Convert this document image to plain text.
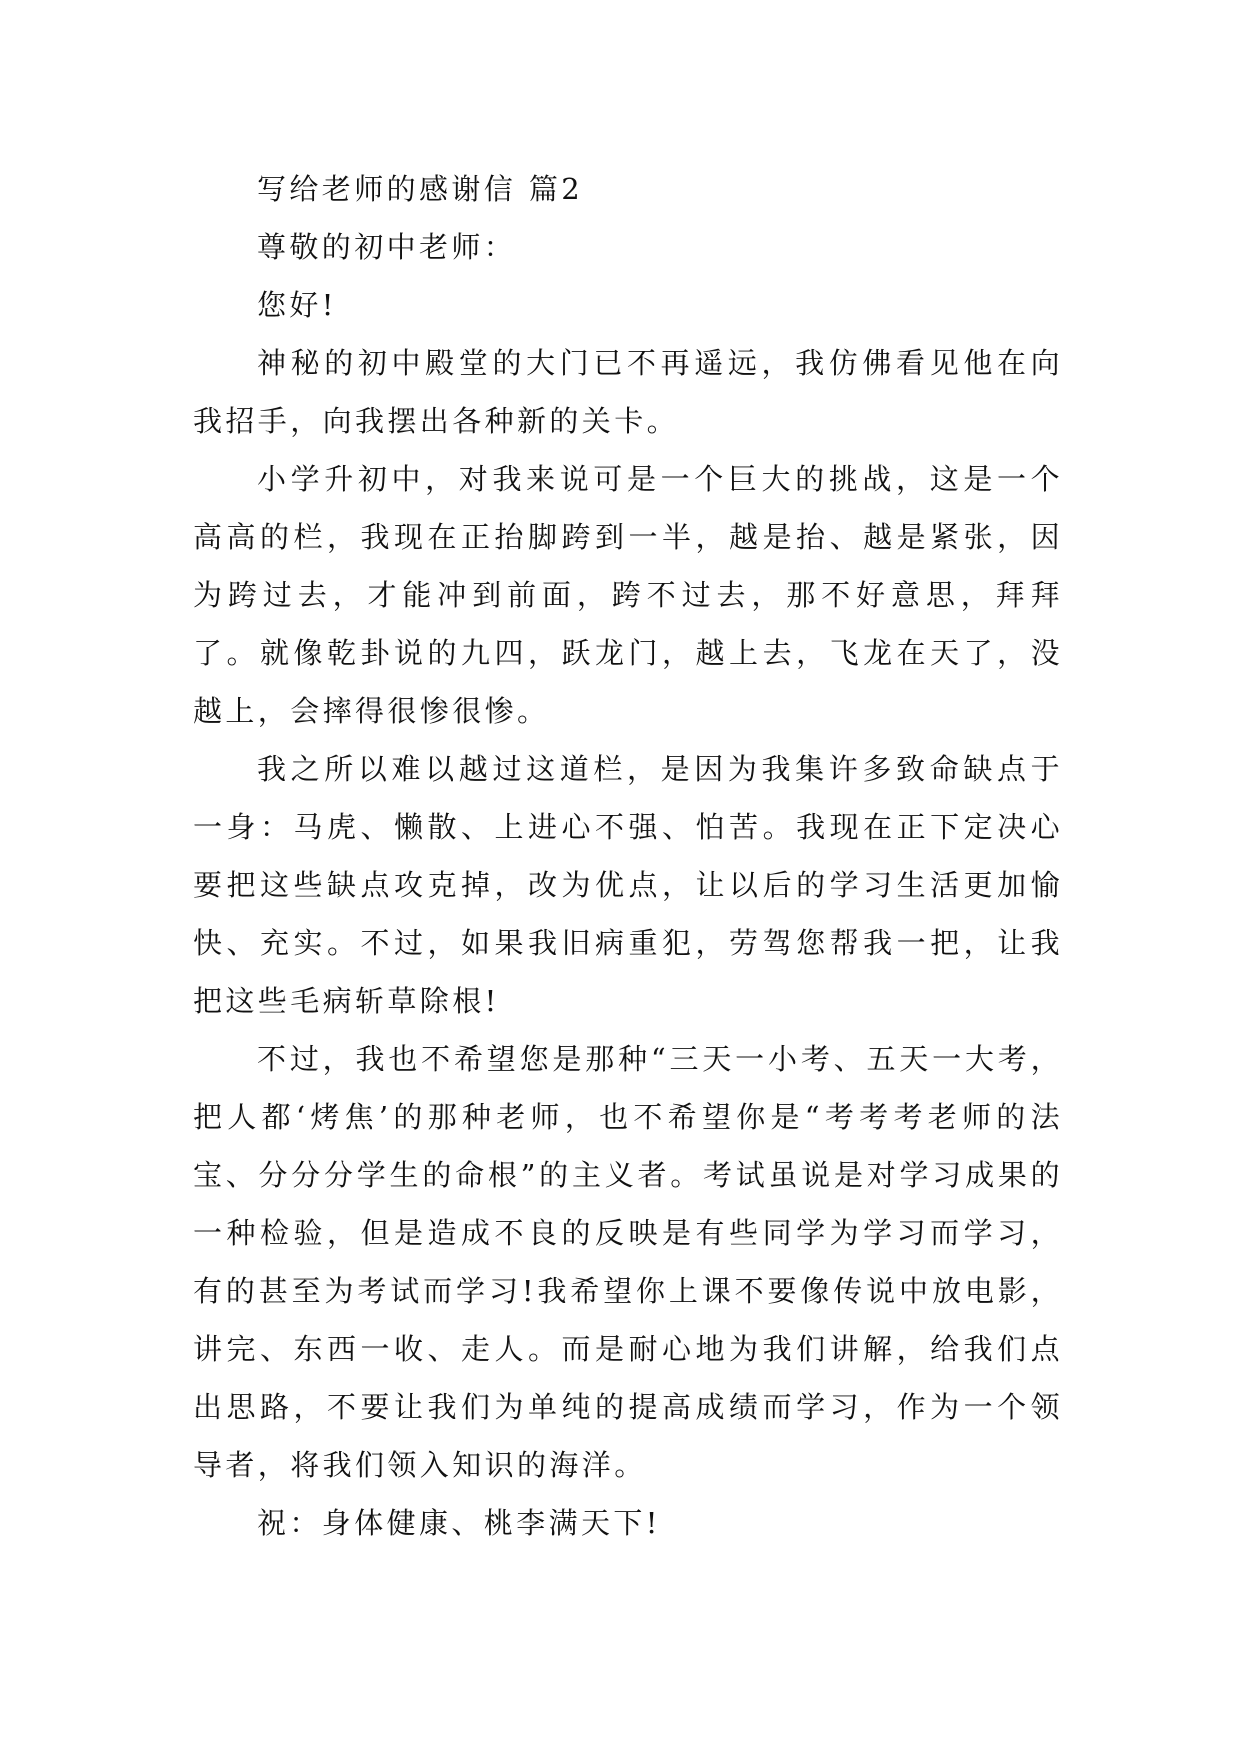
写给老师的感谢信 篇2

尊敬的初中老师：

您好!

神秘的初中殿堂的大门已不再遥远，我仿佛看见他在向我招手，向我摆出各种新的关卡。

小学升初中，对我来说可是一个巨大的挑战，这是一个高高的栏，我现在正抬脚跨到一半，越是抬、越是紧张，因为跨过去，才能冲到前面，跨不过去，那不好意思，拜拜了。就像乾卦说的九四，跃龙门，越上去，飞龙在天了，没越上，会摔得很惨很惨。

我之所以难以越过这道栏，是因为我集许多致命缺点于一身：马虎、懒散、上进心不强、怕苦。我现在正下定决心要把这些缺点攻克掉，改为优点，让以后的学习生活更加愉快、充实。不过，如果我旧病重犯，劳驾您帮我一把，让我把这些毛病斩草除根!

不过，我也不希望您是那种“三天一小考、五天一大考，把人都‘烤焦’的那种老师，也不希望你是“考考考老师的法宝、分分分学生的命根”的主义者。考试虽说是对学习成果的一种检验，但是造成不良的反映是有些同学为学习而学习，有的甚至为考试而学习!我希望你上课不要像传说中放电影，讲完、东西一收、走人。而是耐心地为我们讲解，给我们点出思路，不要让我们为单纯的提高成绩而学习，作为一个领导者，将我们领入知识的海洋。

祝：身体健康、桃李满天下!
